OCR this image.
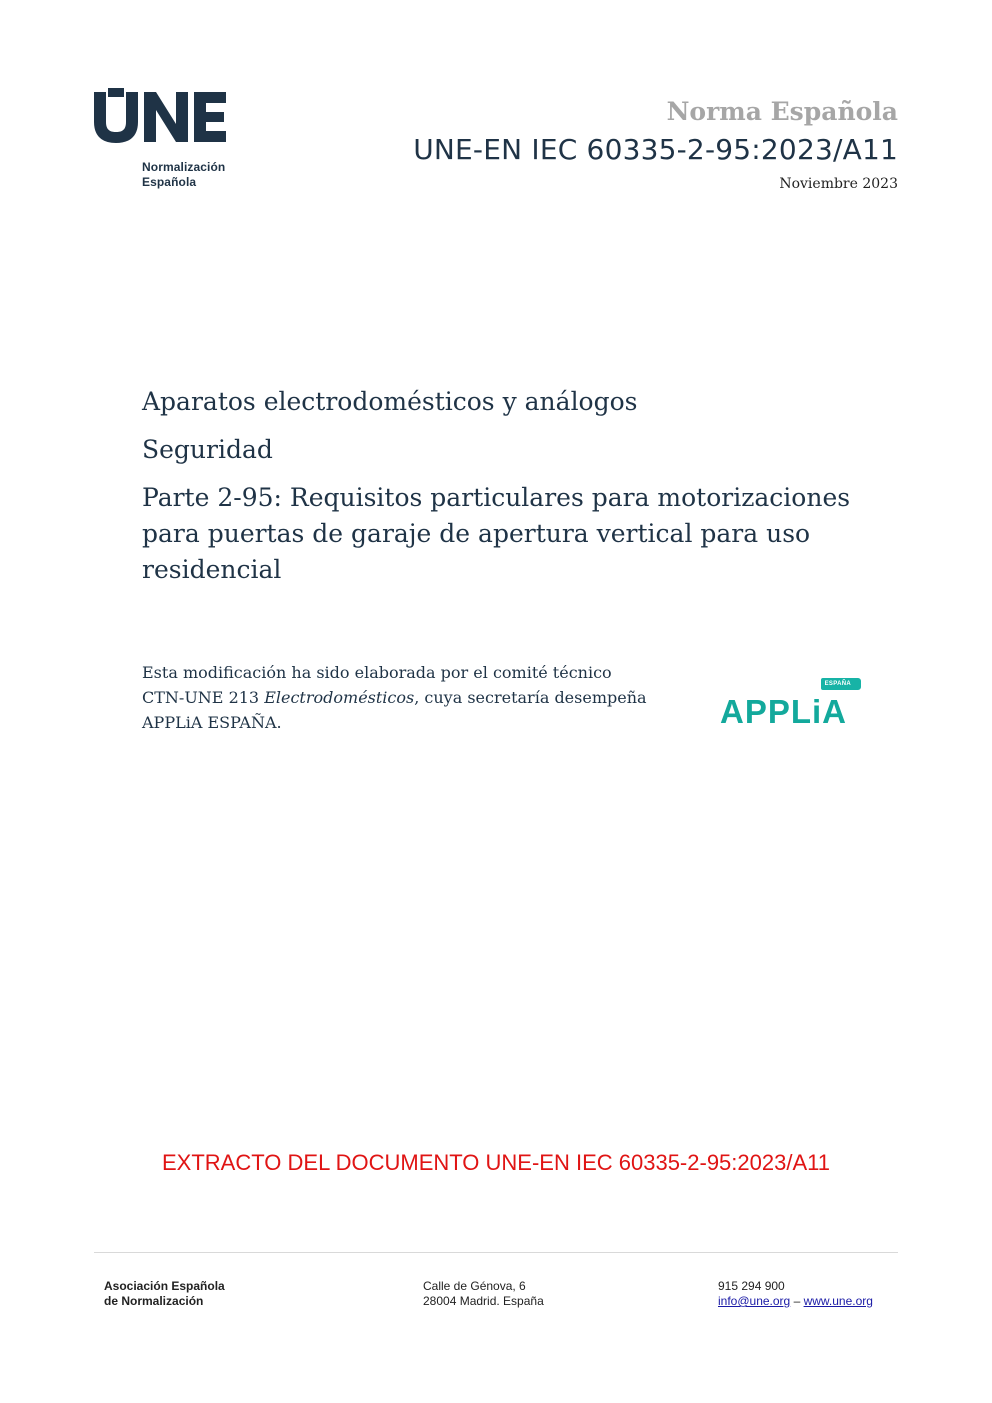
Normalización
Española
Norma Española
UNE-EN IEC 60335-2-95:2023/A11
Noviembre 2023

Aparatos electrodomésticos y análogos

Seguridad

Parte 2-95: Requisitos particulares para motorizaciones para puertas de garaje de apertura vertical para uso residencial

Esta modificación ha sido elaborada por el comité técnico
CTN-UNE 213 Electrodomésticos, cuya secretaría desempeña
APPLiA ESPAÑA.
ESPAÑA
APPLiA
EXTRACTO DEL DOCUMENTO UNE-EN IEC 60335-2-95:2023/A11
Asociación Española
de Normalización
Calle de Génova, 6
28004 Madrid. España
915 294 900
info@une.org – www.une.org
